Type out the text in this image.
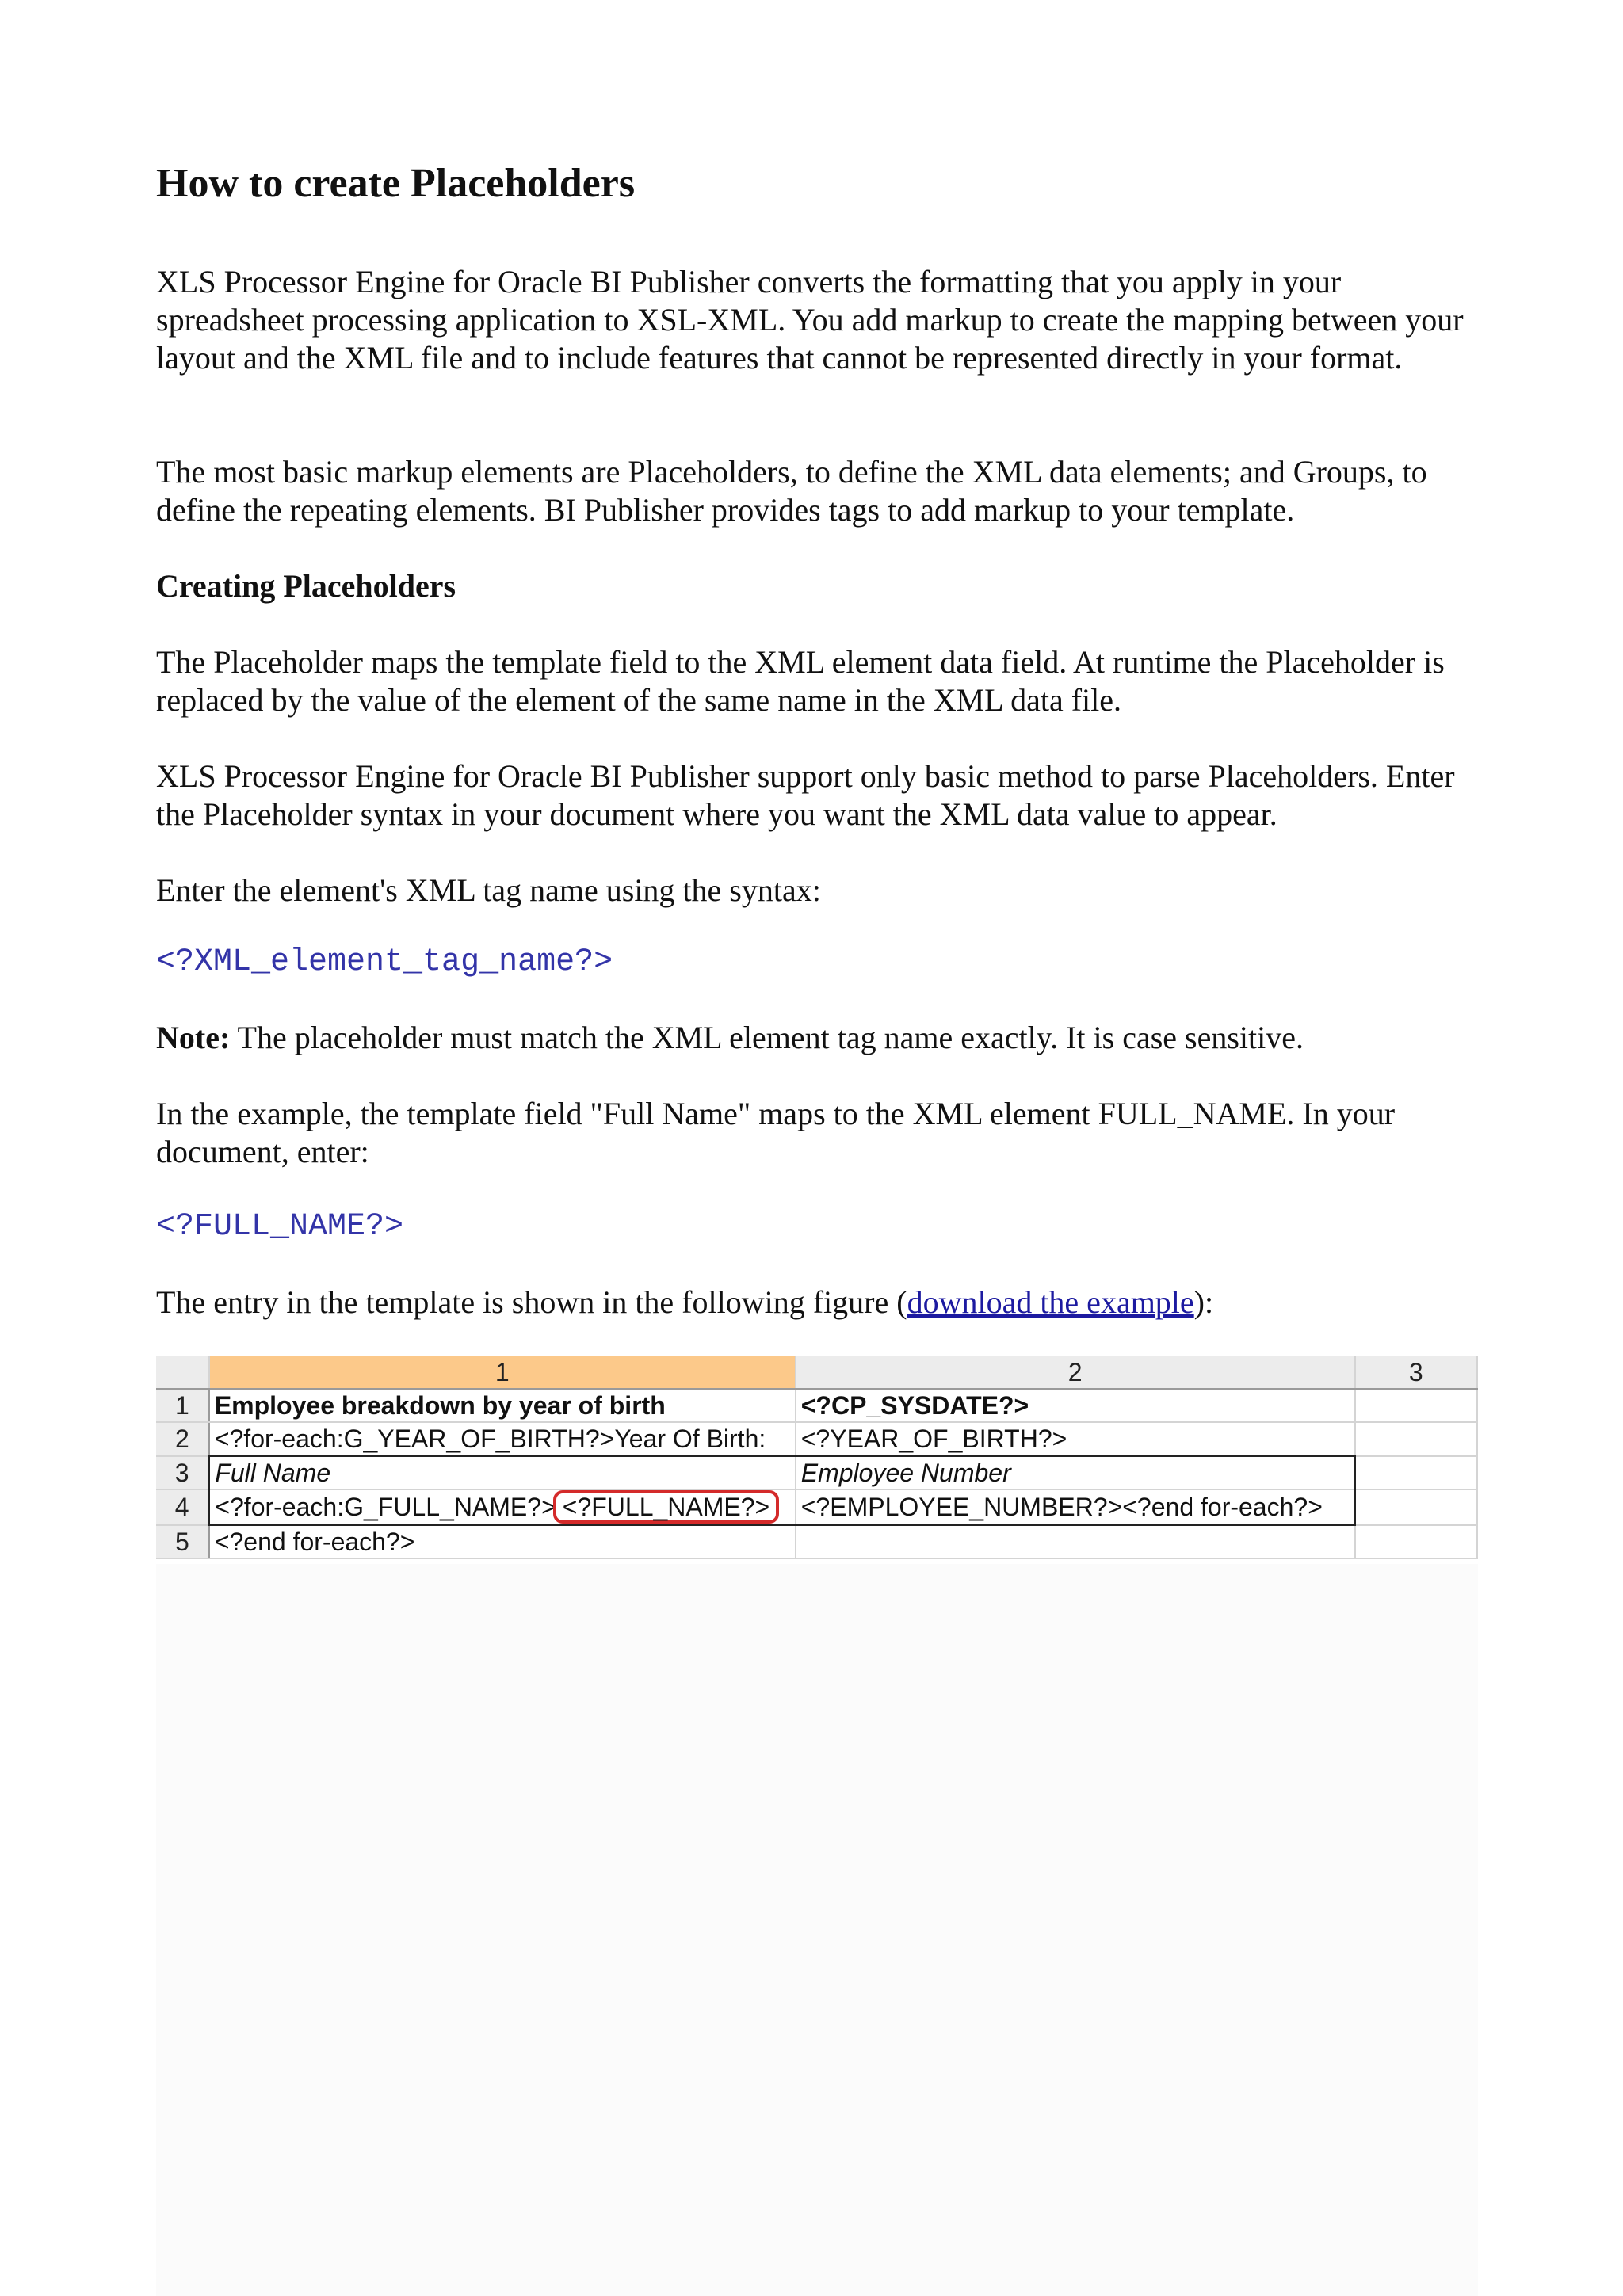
How to create Placeholders

XLS Processor Engine for Oracle BI Publisher converts the formatting that you apply in your spreadsheet processing application to XSL-XML. You add markup to create the mapping between your layout and the XML file and to include features that cannot be represented directly in your format.

The most basic markup elements are Placeholders, to define the XML data elements; and Groups, to define the repeating elements. BI Publisher provides tags to add markup to your template.

Creating Placeholders

The Placeholder maps the template field to the XML element data field. At runtime the Placeholder is replaced by the value of the element of the same name in the XML data file.

XLS Processor Engine for Oracle BI Publisher support only basic method to parse Placeholders. Enter the Placeholder syntax in your document where you want the XML data value to appear.

Enter the element's XML tag name using the syntax:

<?XML_element_tag_name?>

Note: The placeholder must match the XML element tag name exactly. It is case sensitive.

In the example, the template field "Full Name" maps to the XML element FULL_NAME. In your document, enter:

<?FULL_NAME?>

The entry in the template is shown in the following figure (download the example):

	1	2	3
1	Employee breakdown by year of birth	<?CP_SYSDATE?>	
2	<?for-each:G_YEAR_OF_BIRTH?>Year Of Birth:	<?YEAR_OF_BIRTH?>	
3	Full Name	Employee Number	
4	<?for-each:G_FULL_NAME?> <?FULL_NAME?>	<?EMPLOYEE_NUMBER?><?end for-each?>	
5	<?end for-each?>		
